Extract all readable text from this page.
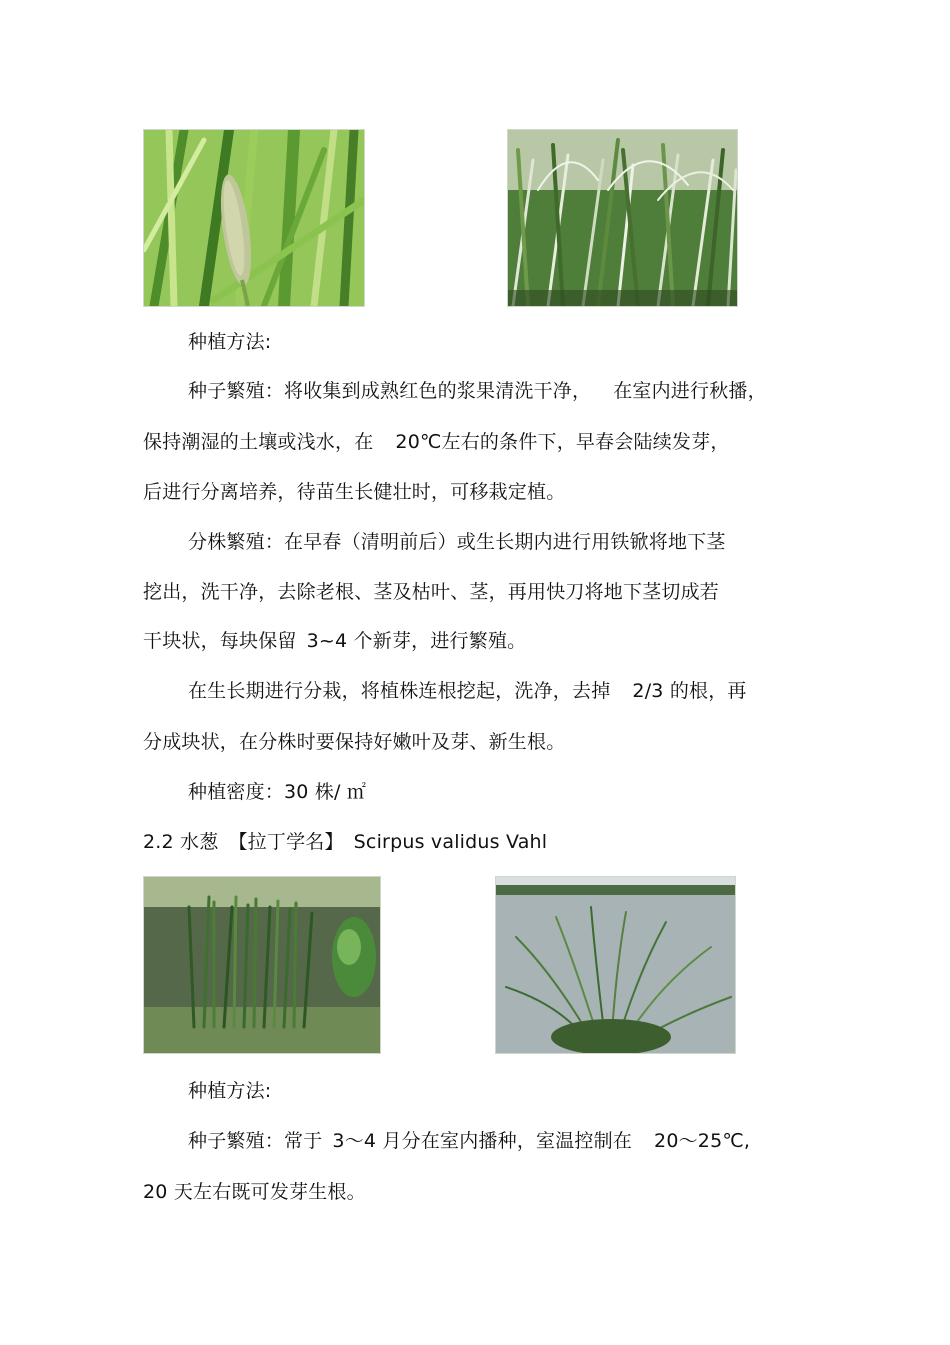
种植方法:
种子繁殖：将收集到成熟红色的浆果清洗干净， 在室内进行秋播，
保持潮湿的土壤或浅水，在 20℃左右的条件下，早春会陆续发芽，
后进行分离培养，待苗生长健壮时，可移栽定植。
分株繁殖：在早春（清明前后）或生长期内进行用铁锨将地下茎
挖出，洗干净，去除老根、茎及枯叶、茎，再用快刀将地下茎切成若
干块状，每块保留 3~4 个新芽，进行繁殖。
在生长期进行分栽，将植株连根挖起，洗净，去掉 2/3 的根，再
分成块状，在分株时要保持好嫩叶及芽、新生根。
种植密度：30 株/ ㎡
2.2 水葱 【拉丁学名】 Scirpus validus Vahl
种植方法:
种子繁殖：常于 3～4 月分在室内播种，室温控制在 20～25℃,
20 天左右既可发芽生根。
